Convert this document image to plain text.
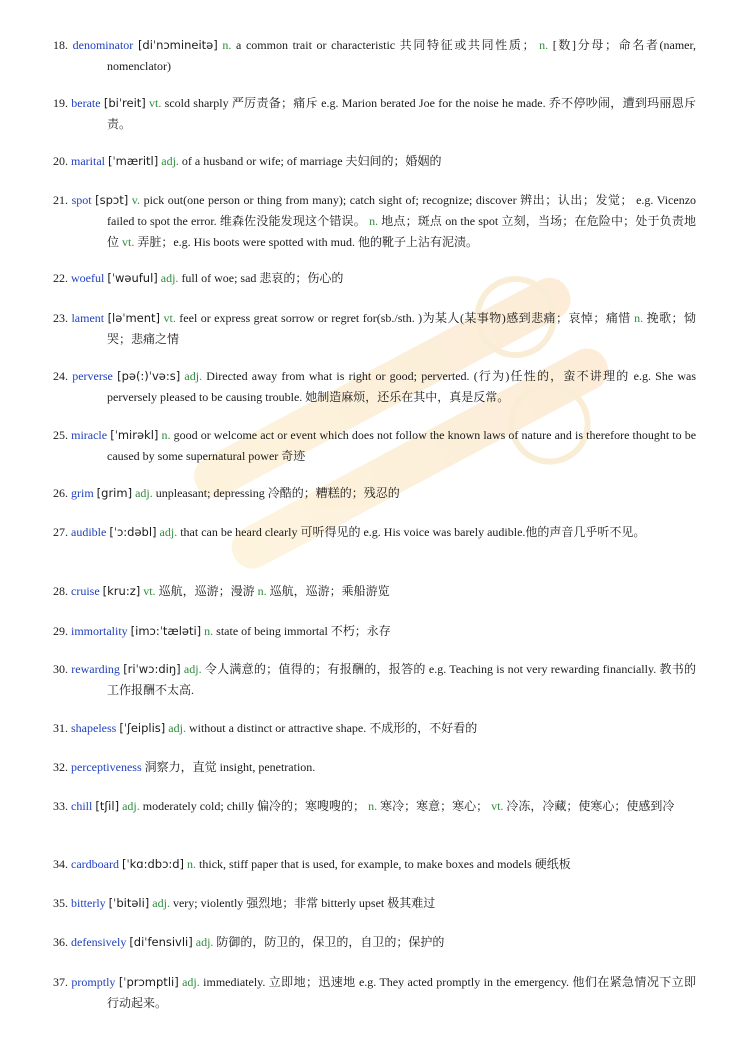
18. denominator [diˈnɔmineitə] n. a common trait or characteristic 共同特征或共同性质； n. [数]分母；命名者(namer, nomenclator)
19. berate [biˈreit] vt. scold sharply 严厉责备；痛斥 e.g. Marion berated Joe for the noise he made. 乔不停吵闹，遭到玛丽恩斥责。
20. marital [ˈmæritl] adj. of a husband or wife; of marriage 夫妇间的；婚姻的
21. spot [spɔt] v. pick out(one person or thing from many); catch sight of; recognize; discover 辨出；认出；发觉； e.g. Vicenzo failed to spot the error. 维森佐没能发现这个错误。 n. 地点；斑点 on the spot 立刻，当场；在危险中；处于负责地位 vt. 弄脏；e.g. His boots were spotted with mud. 他的靴子上沾有泥渍。
22. woeful [ˈwəuful] adj. full of woe; sad 悲哀的；伤心的
23. lament [ləˈment] vt. feel or express great sorrow or regret for(sb./sth. )为某人(某事物)感到悲痛；哀悼；痛惜 n. 挽歌；恸哭；悲痛之情
24. perverse [pə(:)ˈvə:s] adj. Directed away from what is right or good; perverted. (行为)任性的，蛮不讲理的 e.g. She was perversely pleased to be causing trouble. 她制造麻烦，还乐在其中，真是反常。
25. miracle [ˈmirəkl] n. good or welcome act or event which does not follow the known laws of nature and is therefore thought to be caused by some supernatural power 奇迹
26. grim [grim] adj. unpleasant; depressing 冷酷的；糟糕的；残忍的
27. audible [ˈɔ:dəbl] adj. that can be heard clearly 可听得见的 e.g. His voice was barely audible.他的声音几乎听不见。
28. cruise [kru:z] vt. 巡航，巡游；漫游 n. 巡航，巡游；乘船游览
29. immortality [imɔ:ˈtæləti] n. state of being immortal 不朽；永存
30. rewarding [riˈwɔ:diŋ] adj. 令人满意的；值得的；有报酬的，报答的 e.g. Teaching is not very rewarding financially. 教书的工作报酬不太高.
31. shapeless [ˈʃeiplis] adj. without a distinct or attractive shape. 不成形的，不好看的
32. perceptiveness 洞察力，直觉 insight, penetration.
33. chill [tʃil] adj. moderately cold; chilly 偏冷的；寒嗖嗖的； n. 寒冷；寒意；寒心； vt. 冷冻，冷藏；使寒心；使感到冷
34. cardboard [ˈkɑ:dbɔ:d] n. thick, stiff paper that is used, for example, to make boxes and models 硬纸板
35. bitterly [ˈbitəli] adj. very; violently 强烈地；非常 bitterly upset 极其难过
36. defensively [diˈfensivli] adj. 防御的，防卫的，保卫的，自卫的；保护的
37. promptly [ˈprɔmptli] adj. immediately. 立即地；迅速地 e.g. They acted promptly in the emergency. 他们在紧急情况下立即行动起来。
